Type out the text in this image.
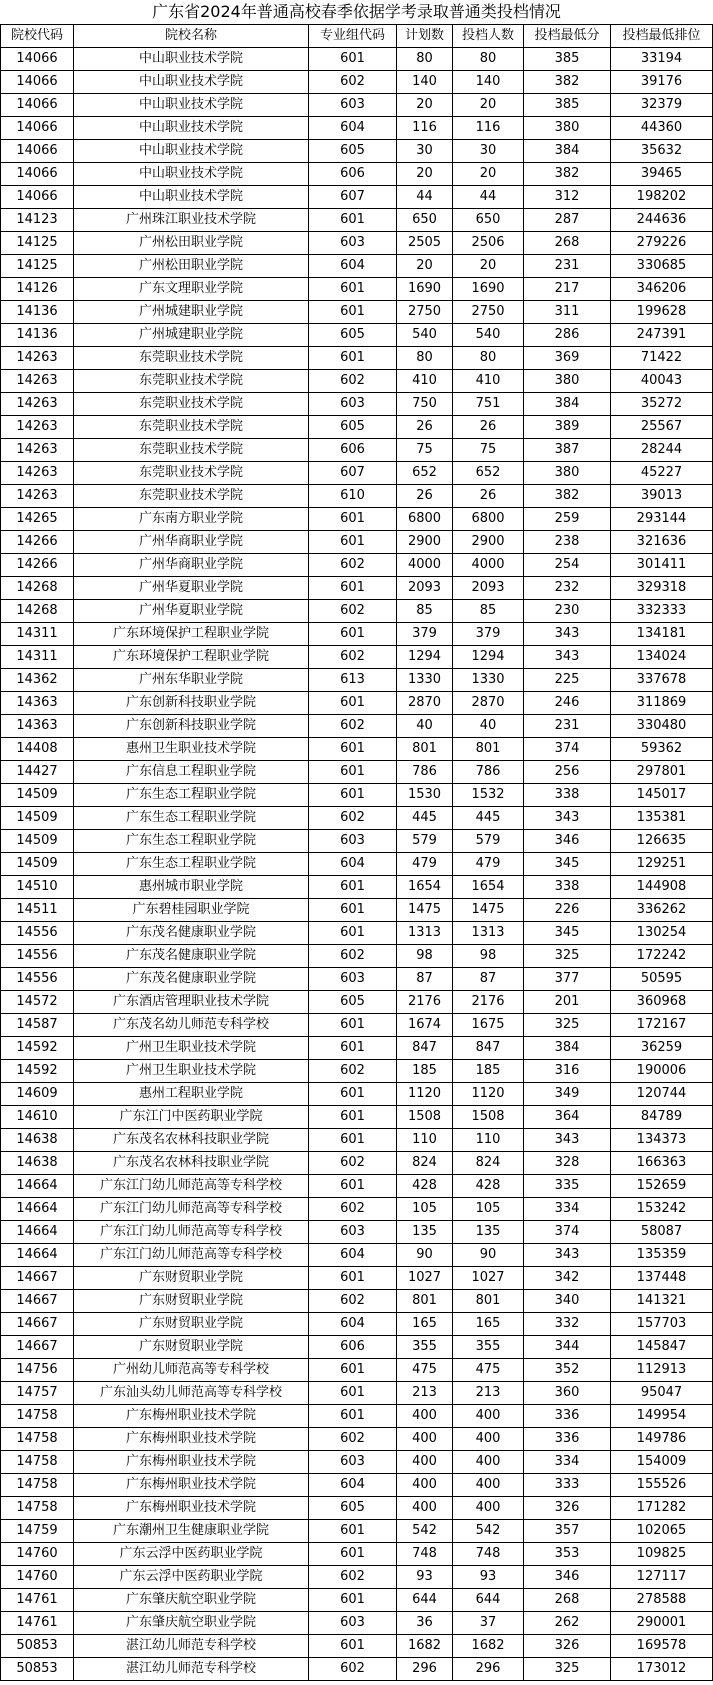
广东省2024年普通高校春季依据学考录取普通类投档情况
院校代码	院校名称	专业组代码	计划数	投档人数	投档最低分	投档最低排位
14066	中山职业技术学院	601	80	80	385	33194
14066	中山职业技术学院	602	140	140	382	39176
14066	中山职业技术学院	603	20	20	385	32379
14066	中山职业技术学院	604	116	116	380	44360
14066	中山职业技术学院	605	30	30	384	35632
14066	中山职业技术学院	606	20	20	382	39465
14066	中山职业技术学院	607	44	44	312	198202
14123	广州珠江职业技术学院	601	650	650	287	244636
14125	广州松田职业学院	603	2505	2506	268	279226
14125	广州松田职业学院	604	20	20	231	330685
14126	广东文理职业学院	601	1690	1690	217	346206
14136	广州城建职业学院	601	2750	2750	311	199628
14136	广州城建职业学院	605	540	540	286	247391
14263	东莞职业技术学院	601	80	80	369	71422
14263	东莞职业技术学院	602	410	410	380	40043
14263	东莞职业技术学院	603	750	751	384	35272
14263	东莞职业技术学院	605	26	26	389	25567
14263	东莞职业技术学院	606	75	75	387	28244
14263	东莞职业技术学院	607	652	652	380	45227
14263	东莞职业技术学院	610	26	26	382	39013
14265	广东南方职业学院	601	6800	6800	259	293144
14266	广州华商职业学院	601	2900	2900	238	321636
14266	广州华商职业学院	602	4000	4000	254	301411
14268	广州华夏职业学院	601	2093	2093	232	329318
14268	广州华夏职业学院	602	85	85	230	332333
14311	广东环境保护工程职业学院	601	379	379	343	134181
14311	广东环境保护工程职业学院	602	1294	1294	343	134024
14362	广州东华职业学院	613	1330	1330	225	337678
14363	广东创新科技职业学院	601	2870	2870	246	311869
14363	广东创新科技职业学院	602	40	40	231	330480
14408	惠州卫生职业技术学院	601	801	801	374	59362
14427	广东信息工程职业学院	601	786	786	256	297801
14509	广东生态工程职业学院	601	1530	1532	338	145017
14509	广东生态工程职业学院	602	445	445	343	135381
14509	广东生态工程职业学院	603	579	579	346	126635
14509	广东生态工程职业学院	604	479	479	345	129251
14510	惠州城市职业学院	601	1654	1654	338	144908
14511	广东碧桂园职业学院	601	1475	1475	226	336262
14556	广东茂名健康职业学院	601	1313	1313	345	130254
14556	广东茂名健康职业学院	602	98	98	325	172242
14556	广东茂名健康职业学院	603	87	87	377	50595
14572	广东酒店管理职业技术学院	605	2176	2176	201	360968
14587	广东茂名幼儿师范专科学校	601	1674	1675	325	172167
14592	广州卫生职业技术学院	601	847	847	384	36259
14592	广州卫生职业技术学院	602	185	185	316	190006
14609	惠州工程职业学院	601	1120	1120	349	120744
14610	广东江门中医药职业学院	601	1508	1508	364	84789
14638	广东茂名农林科技职业学院	601	110	110	343	134373
14638	广东茂名农林科技职业学院	602	824	824	328	166363
14664	广东江门幼儿师范高等专科学校	601	428	428	335	152659
14664	广东江门幼儿师范高等专科学校	602	105	105	334	153242
14664	广东江门幼儿师范高等专科学校	603	135	135	374	58087
14664	广东江门幼儿师范高等专科学校	604	90	90	343	135359
14667	广东财贸职业学院	601	1027	1027	342	137448
14667	广东财贸职业学院	602	801	801	340	141321
14667	广东财贸职业学院	604	165	165	332	157703
14667	广东财贸职业学院	606	355	355	344	145847
14756	广州幼儿师范高等专科学校	601	475	475	352	112913
14757	广东汕头幼儿师范高等专科学校	601	213	213	360	95047
14758	广东梅州职业技术学院	601	400	400	336	149954
14758	广东梅州职业技术学院	602	400	400	336	149786
14758	广东梅州职业技术学院	603	400	400	334	154009
14758	广东梅州职业技术学院	604	400	400	333	155526
14758	广东梅州职业技术学院	605	400	400	326	171282
14759	广东潮州卫生健康职业学院	601	542	542	357	102065
14760	广东云浮中医药职业学院	601	748	748	353	109825
14760	广东云浮中医药职业学院	602	93	93	346	127117
14761	广东肇庆航空职业学院	601	644	644	268	278588
14761	广东肇庆航空职业学院	603	36	37	262	290001
50853	湛江幼儿师范专科学校	601	1682	1682	326	169578
50853	湛江幼儿师范专科学校	602	296	296	325	173012
